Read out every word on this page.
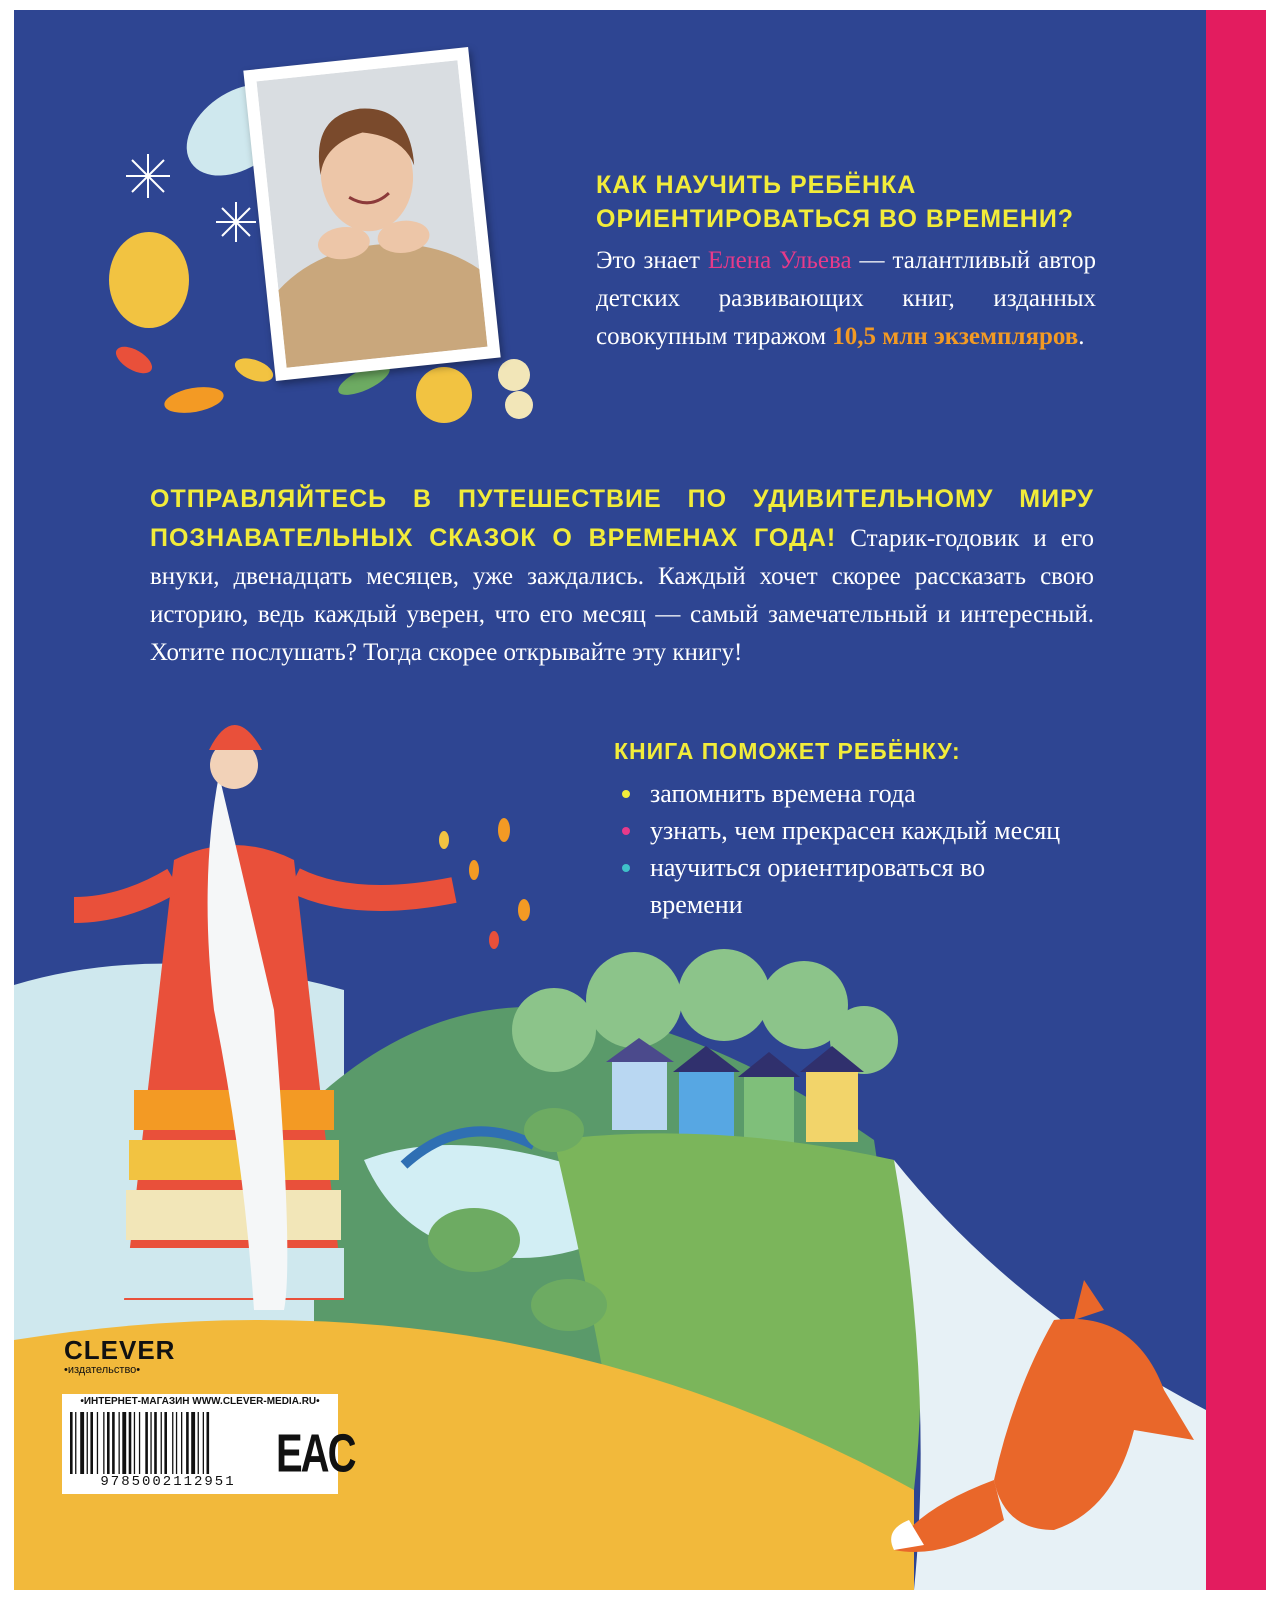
КАК НАУЧИТЬ РЕБЁНКА ОРИЕНТИРОВАТЬСЯ ВО ВРЕМЕНИ?

Это знает Елена Ульева — талантливый автор детских развивающих книг, изданных совокупным тиражом 10,5 млн экземпляров.

ОТПРАВЛЯЙТЕСЬ В ПУТЕШЕСТВИЕ ПО УДИВИТЕЛЬНОМУ МИРУ ПОЗНАВАТЕЛЬНЫХ СКАЗОК О ВРЕМЕНАХ ГОДА! Старик-годовик и его внуки, двенадцать месяцев, уже заждались. Каждый хочет скорее рассказать свою историю, ведь каждый уверен, что его месяц — самый замечательный и интересный. Хотите послушать? Тогда скорее открывайте эту книгу!

КНИГА ПОМОЖЕТ РЕБЁНКУ:
запомнить времена года
узнать, чем прекрасен каждый месяц
научиться ориентироваться во времени
CLEVER
•издательство•
•ИНТЕРНЕТ-МАГАЗИН WWW.CLEVER-MEDIA.RU•
9785002112951	EAC
